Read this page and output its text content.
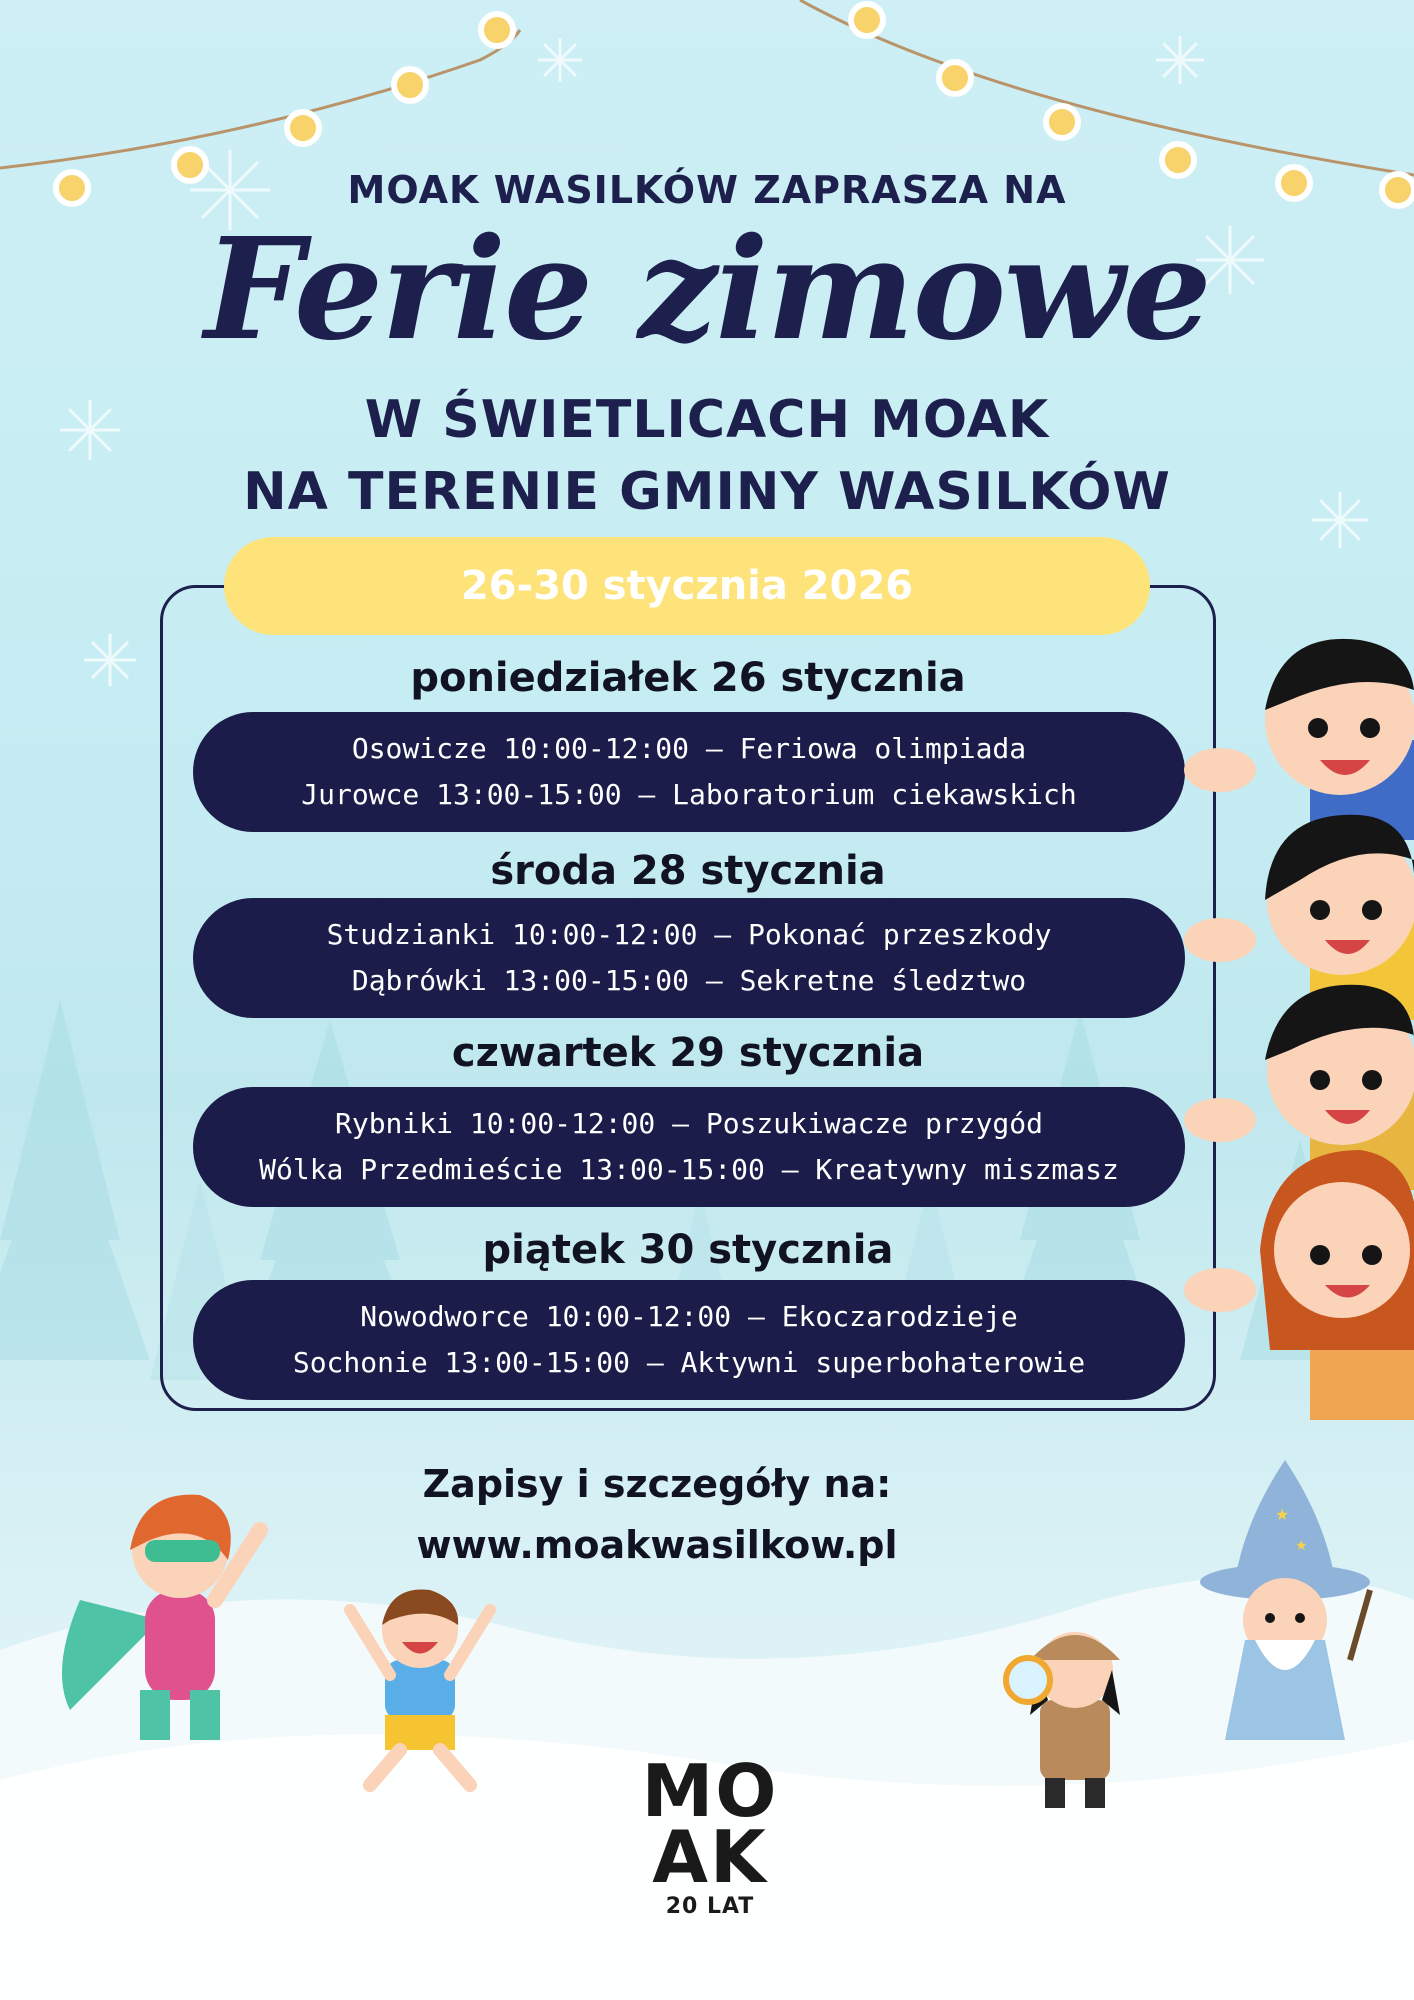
MOAK WASILKÓW ZAPRASZA NA
Ferie zimowe
W ŚWIETLICACH MOAK
NA TERENIE GMINY WASILKÓW
26-30 stycznia 2026
poniedziałek 26 stycznia
Osowicze 10:00-12:00 – Feriowa olimpiada
Jurowce 13:00-15:00 – Laboratorium ciekawskich
środa 28 stycznia
Studzianki 10:00-12:00 – Pokonać przeszkody
Dąbrówki 13:00-15:00 – Sekretne śledztwo
czwartek 29 stycznia
Rybniki 10:00-12:00 – Poszukiwacze przygód
Wólka Przedmieście 13:00-15:00 – Kreatywny miszmasz
piątek 30 stycznia
Nowodworce 10:00-12:00 – Ekoczarodzieje
Sochonie 13:00-15:00 – Aktywni superbohaterowie
Zapisy i szczegóły na:
www.moakwasilkow.pl
★
★
MO
AK
20 LAT
